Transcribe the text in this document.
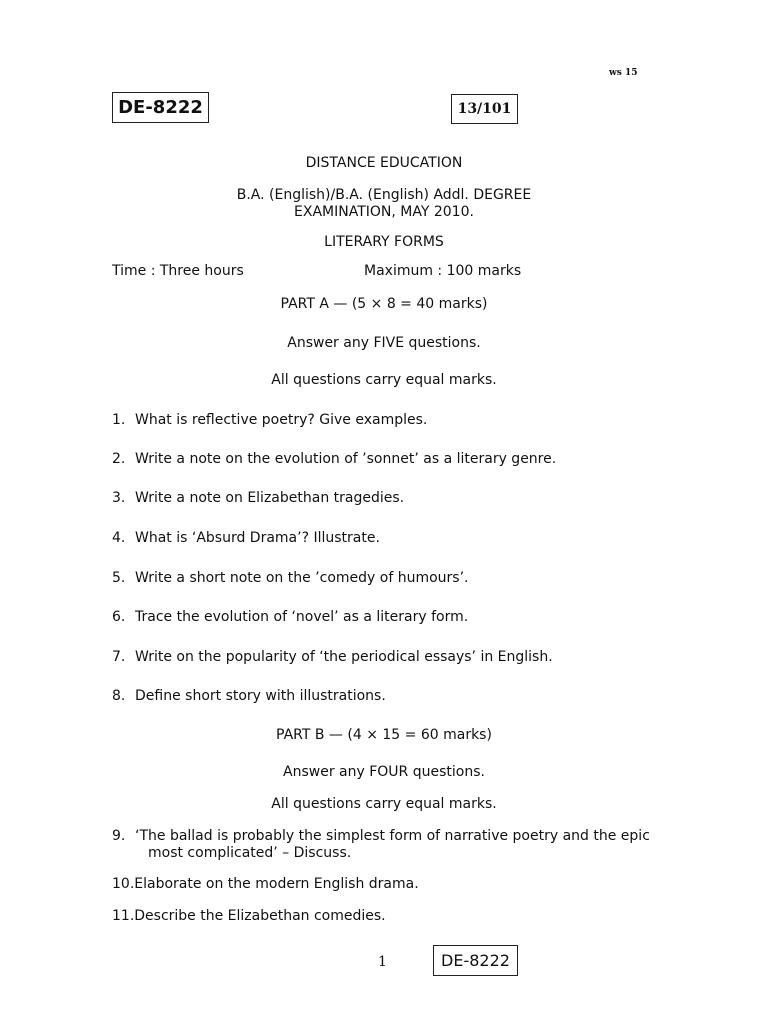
ws 15
DE-8222	13/101
DISTANCE EDUCATION
B.A. (English)/B.A. (English) Addl. DEGREE
EXAMINATION, MAY 2010.
LITERARY FORMS
Time : Three hours	Maximum : 100 marks
PART A — (5 × 8 = 40 marks)
Answer any FIVE questions.
All questions carry equal marks.
1. What is reflective poetry? Give examples.
2. Write a note on the evolution of ’sonnet’ as a literary genre.
3. Write a note on Elizabethan tragedies.
4. What is ‘Absurd Drama’? Illustrate.
5. Write a short note on the ’comedy of humours’.
6. Trace the evolution of ‘novel’ as a literary form.
7. Write on the popularity of ‘the periodical essays’ in English.
8. Define short story with illustrations.
PART B — (4 × 15 = 60 marks)
Answer any FOUR questions.
All questions carry equal marks.
9. ‘The ballad is probably the simplest form of narrative poetry and the epic
most complicated’ – Discuss.
10.Elaborate on the modern English drama.
11.Describe the Elizabethan comedies.
1	DE-8222
